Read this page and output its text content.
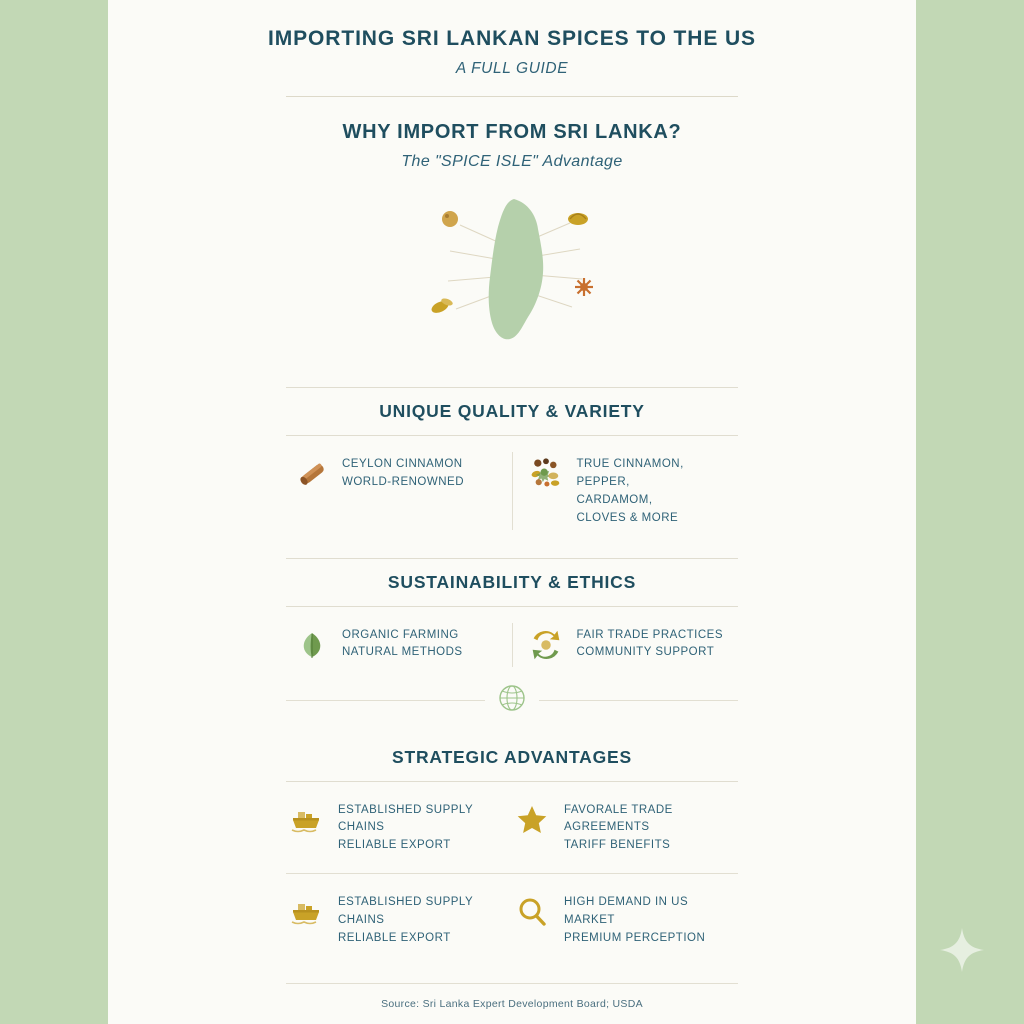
IMPORTING SRI LANKAN SPICES TO THE US
A FULL GUIDE
WHY IMPORT FROM SRI LANKA?
The "SPICE ISLE" Advantage
UNIQUE QUALITY & VARIETY
CEYLON CINNAMON
WORLD-RENOWNED
TRUE CINNAMON, PEPPER,
CARDAMOM,
CLOVES & MORE
SUSTAINABILITY & ETHICS
ORGANIC FARMING
NATURAL METHODS
FAIR TRADE PRACTICES
COMMUNITY SUPPORT
STRATEGIC ADVANTAGES
ESTABLISHED SUPPLY CHAINS
RELIABLE EXPORT
FAVORALE TRADE AGREEMENTS
TARIFF BENEFITS
ESTABLISHED SUPPLY CHAINS
RELIABLE EXPORT
HIGH DEMAND IN US MARKET
PREMIUM PERCEPTION
Source: Sri Lanka Expert Development Board; USDA
